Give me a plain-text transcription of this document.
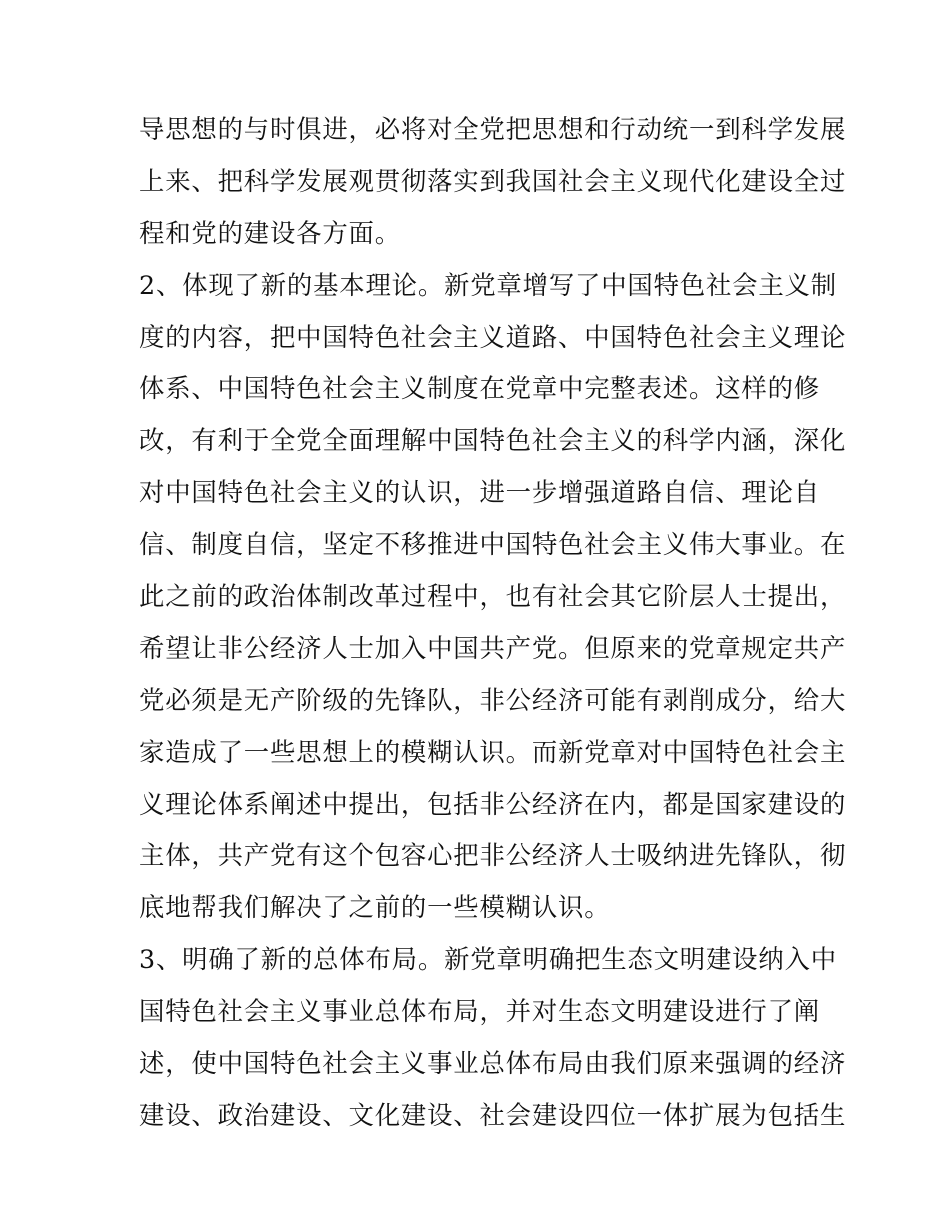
导思想的与时俱进，必将对全党把思想和行动统一到科学发展
上来、把科学发展观贯彻落实到我国社会主义现代化建设全过
程和党的建设各方面。
2、体现了新的基本理论。新党章增写了中国特色社会主义制
度的内容，把中国特色社会主义道路、中国特色社会主义理论
体系、中国特色社会主义制度在党章中完整表述。这样的修
改，有利于全党全面理解中国特色社会主义的科学内涵，深化
对中国特色社会主义的认识，进一步增强道路自信、理论自
信、制度自信，坚定不移推进中国特色社会主义伟大事业。在
此之前的政治体制改革过程中，也有社会其它阶层人士提出，
希望让非公经济人士加入中国共产党。但原来的党章规定共产
党必须是无产阶级的先锋队，非公经济可能有剥削成分，给大
家造成了一些思想上的模糊认识。而新党章对中国特色社会主
义理论体系阐述中提出，包括非公经济在内，都是国家建设的
主体，共产党有这个包容心把非公经济人士吸纳进先锋队，彻
底地帮我们解决了之前的一些模糊认识。
3、明确了新的总体布局。新党章明确把生态文明建设纳入中
国特色社会主义事业总体布局，并对生态文明建设进行了阐
述，使中国特色社会主义事业总体布局由我们原来强调的经济
建设、政治建设、文化建设、社会建设四位一体扩展为包括生
